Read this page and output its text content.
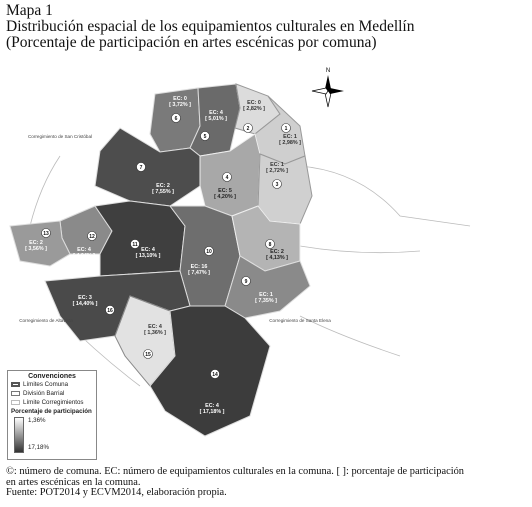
Mapa 1
Distribución espacial de los equipamientos culturales en Medellín
(Porcentaje de participación en artes escénicas por comuna)
N
Corregimiento de San Cristóbal
Corregimiento de Altavista	Corregimiento de Santa Elena
6
EC: 0
[ 3,72% ]
5
EC: 4
[ 5,01% ]
2
EC: 0
[ 2,82% ]
1
EC: 1
[ 2,98% ]
7
EC: 2
[ 7,55% ]
4
EC: 5
[ 4,20% ]
3
EC: 1
[ 2,72% ]
12
EC: 4
[ 4,94% ]
13
EC: 2
[ 3,56% ]
11
EC: 4
[ 13,10% ]
10
EC: 16
[ 7,47% ]
8
EC: 2
[ 4,13% ]
9
EC: 1
[ 7,35% ]
16
EC: 3
[ 14,40% ]
15
EC: 4
[ 1,36% ]
14
EC: 4
[ 17,18% ]
Convenciones
Límites Comuna
División Barrial
Límite Corregimientos
Porcentaje de participación
1,36%
17,18%
©: número de comuna. EC: número de equipamientos culturales en la comuna. [ ]: porcentaje de participación
en artes escénicas en la comuna.
Fuente: POT2014 y ECVM2014, elaboración propia.
